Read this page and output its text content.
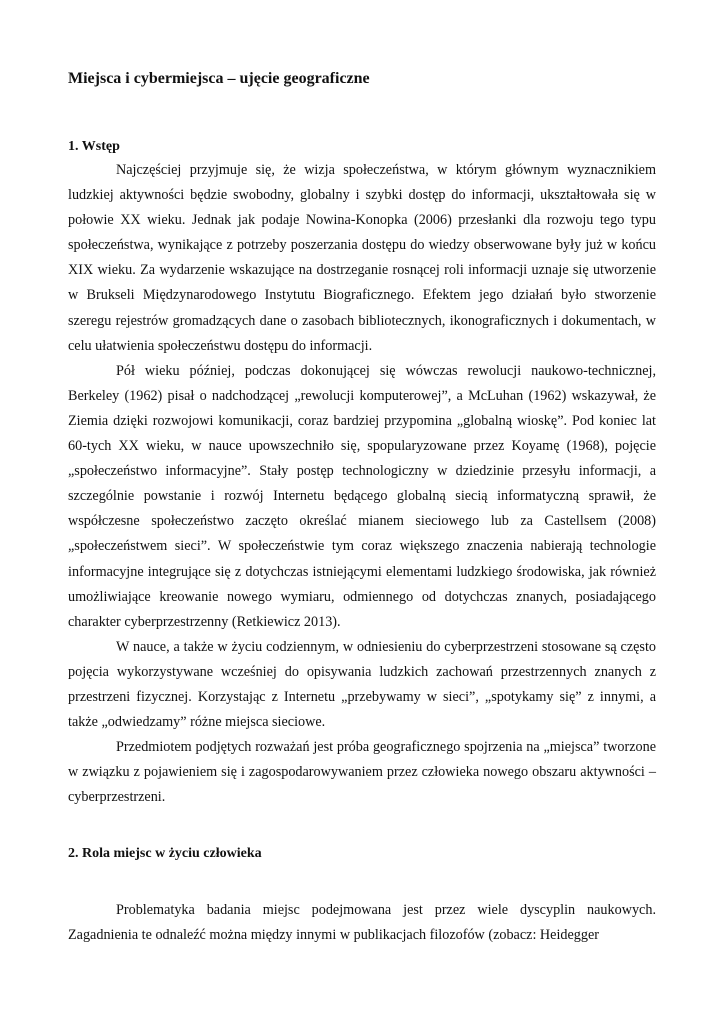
Miejsca i cybermiejsca – ujęcie geograficzne
1. Wstęp

Najczęściej przyjmuje się, że wizja społeczeństwa, w którym głównym wyznacznikiem ludzkiej aktywności będzie swobodny, globalny i szybki dostęp do informacji, ukształtowała się w połowie XX wieku. Jednak jak podaje Nowina-Konopka (2006) przesłanki dla rozwoju tego typu społeczeństwa, wynikające z potrzeby poszerzania dostępu do wiedzy obserwowane były już w końcu XIX wieku. Za wydarzenie wskazujące na dostrzeganie rosnącej roli informacji uznaje się utworzenie w Brukseli Międzynarodowego Instytutu Biograficznego. Efektem jego działań było stworzenie szeregu rejestrów gromadzących dane o zasobach bibliotecznych, ikonograficznych i dokumentach, w celu ułatwienia społeczeństwu dostępu do informacji.

Pół wieku później, podczas dokonującej się wówczas rewolucji naukowo-technicznej, Berkeley (1962) pisał o nadchodzącej „rewolucji komputerowej”, a McLuhan (1962) wskazywał, że Ziemia dzięki rozwojowi komunikacji, coraz bardziej przypomina „globalną wioskę”. Pod koniec lat 60-tych XX wieku, w nauce upowszechniło się, spopularyzowane przez Koyamę (1968), pojęcie „społeczeństwo informacyjne”. Stały postęp technologiczny w dziedzinie przesyłu informacji, a szczególnie powstanie i rozwój Internetu będącego globalną siecią informatyczną sprawił, że współczesne społeczeństwo zaczęto określać mianem sieciowego lub za Castellsem (2008) „społeczeństwem sieci”. W społeczeństwie tym coraz większego znaczenia nabierają technologie informacyjne integrujące się z dotychczas istniejącymi elementami ludzkiego środowiska, jak również umożliwiające kreowanie nowego wymiaru, odmiennego od dotychczas znanych, posiadającego charakter cyberprzestrzenny (Retkiewicz 2013).

W nauce, a także w życiu codziennym, w odniesieniu do cyberprzestrzeni stosowane są często pojęcia wykorzystywane wcześniej do opisywania ludzkich zachowań przestrzennych znanych z przestrzeni fizycznej. Korzystając z Internetu „przebywamy w sieci”, „spotykamy się” z innymi, a także „odwiedzamy” różne miejsca sieciowe.

Przedmiotem podjętych rozważań jest próba geograficznego spojrzenia na „miejsca” tworzone w związku z pojawieniem się i zagospodarowywaniem przez człowieka nowego obszaru aktywności – cyberprzestrzeni.

2. Rola miejsc w życiu człowieka

Problematyka badania miejsc podejmowana jest przez wiele dyscyplin naukowych. Zagadnienia te odnaleźć można między innymi w publikacjach filozofów (zobacz: Heidegger
